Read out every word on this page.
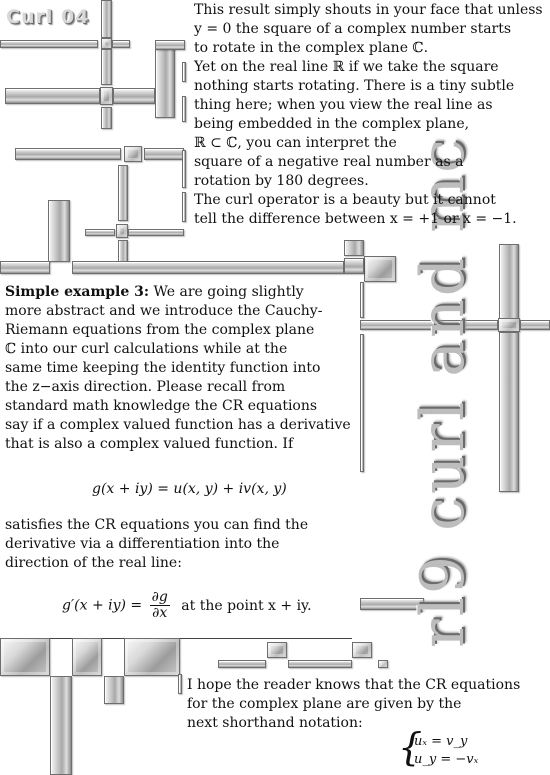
Curl 04
rl9 curl and mc

This result simply shouts in your face that unless

y = 0 the square of a complex number starts

to rotate in the complex plane ℂ.

Yet on the real line ℝ if we take the square

nothing starts rotating. There is a tiny subtle

thing here; when you view the real line as

being embedded in the complex plane,

ℝ ⊂ ℂ, you can interpret the

square of a negative real number as a

rotation by 180 degrees.

The curl operator is a beauty but it cannot

tell the difference between x = +1 or x = −1.

Simple example 3: We are going slightly

more abstract and we introduce the Cauchy-

Riemann equations from the complex plane

ℂ into our curl calculations while at the

same time keeping the identity function into

the z−axis direction. Please recall from

standard math knowledge the CR equations

say if a complex valued function has a derivative

that is also a complex valued function. If

g(x + iy) = u(x, y) + iv(x, y)

satisfies the CR equations you can find the

derivative via a differentiation into the

direction of the real line:

$g'(x + iy) = \frac{\partial g}{\partial x}$ at the point x + iy.

I hope the reader knows that the CR equations

for the complex plane are given by the

next shorthand notation:

{
uₓ = v_y
u_y = −vₓ
